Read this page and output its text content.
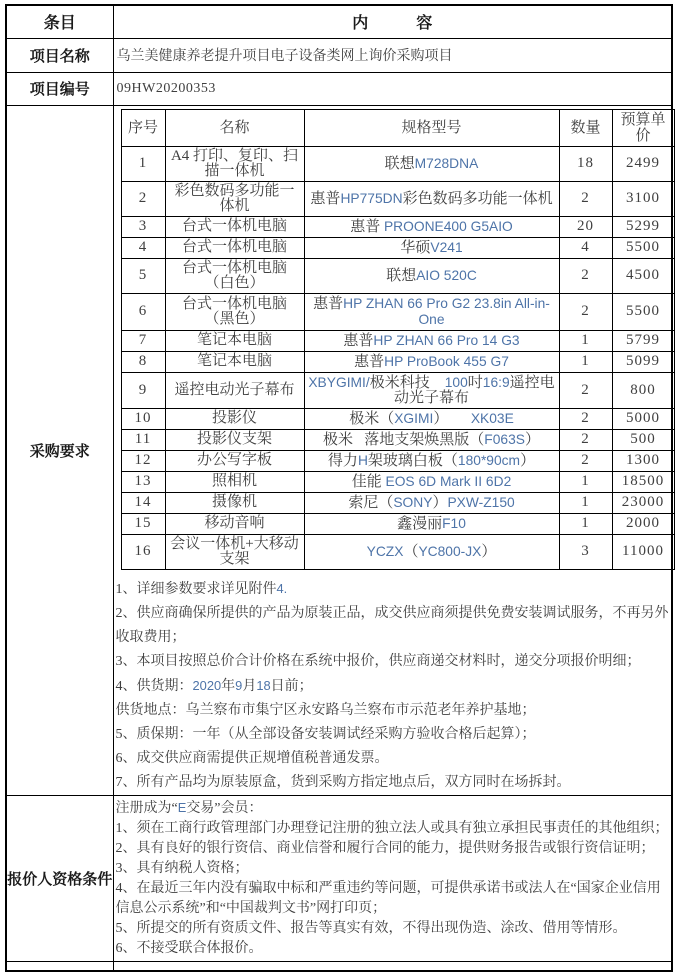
条目	内　　　容
项目名称	乌兰美健康养老提升项目电子设备类网上询价采购项目
项目编号	09HW20200353
采购要求	
序号	名称	规格型号	数量	预算单价
1	A4 打印、复印、扫描一体机	联想M728DNA	18	2499
2	彩色数码多功能一体机	惠普HP775DN彩色数码多功能一体机	2	3100
3	台式一体机电脑	惠普 PROONE400 G5AIO	20	5299
4	台式一体机电脑	华硕V241	4	5500
5	台式一体机电脑（白色）	联想AIO 520C	2	4500
6	台式一体机电脑（黑色）	惠普HP ZHAN 66 Pro G2 23.8in All-in-One	2	5500
7	笔记本电脑	惠普HP ZHAN 66 Pro 14 G3	1	5799
8	笔记本电脑	惠普HP ProBook 455 G7	1	5099
9	遥控电动光子幕布	XBYGIMI/极米科技    100吋16:9遥控电动光子幕布	2	800
10	投影仪	极米（XGIMI）      XK03E	2	5000
11	投影仪支架	极米   落地支架焕黑版（F063S）	2	500
12	办公写字板	得力H架玻璃白板（180*90cm）	2	1300
13	照相机	佳能 EOS 6D Mark II 6D2	1	18500
14	摄像机	索尼（SONY）PXW-Z150	1	23000
15	移动音响	鑫漫丽F10	1	2000
16	会议一体机+大移动支架	YCZX（YC800-JX）	3	11000
1、详细参数要求详见附件4.
2、供应商确保所提供的产品为原装正品，成交供应商须提供免费安装调试服务，不再另外收取费用；
3、本项目按照总价合计价格在系统中报价，供应商递交材料时，递交分项报价明细；
4、供货期：2020年9月18日前；
供货地点：乌兰察布市集宁区永安路乌兰察布市示范老年养护基地；
5、质保期：一年（从全部设备安装调试经采购方验收合格后起算）；
6、成交供应商需提供正规增值税普通发票。
7、所有产品均为原装原盒，货到采购方指定地点后，双方同时在场拆封。

报价人资格条件	
注册成为“E交易”会员：
1、须在工商行政管理部门办理登记注册的独立法人或具有独立承担民事责任的其他组织；
2、具有良好的银行资信、商业信誉和履行合同的能力，提供财务报告或银行资信证明；
3、具有纳税人资格；
4、在最近三年内没有骗取中标和严重违约等问题，可提供承诺书或法人在“国家企业信用信息公示系统”和“中国裁判文书”网打印页；
5、所提交的所有资质文件、报告等真实有效，不得出现伪造、涂改、借用等情形。
6、不接受联合体报价。
